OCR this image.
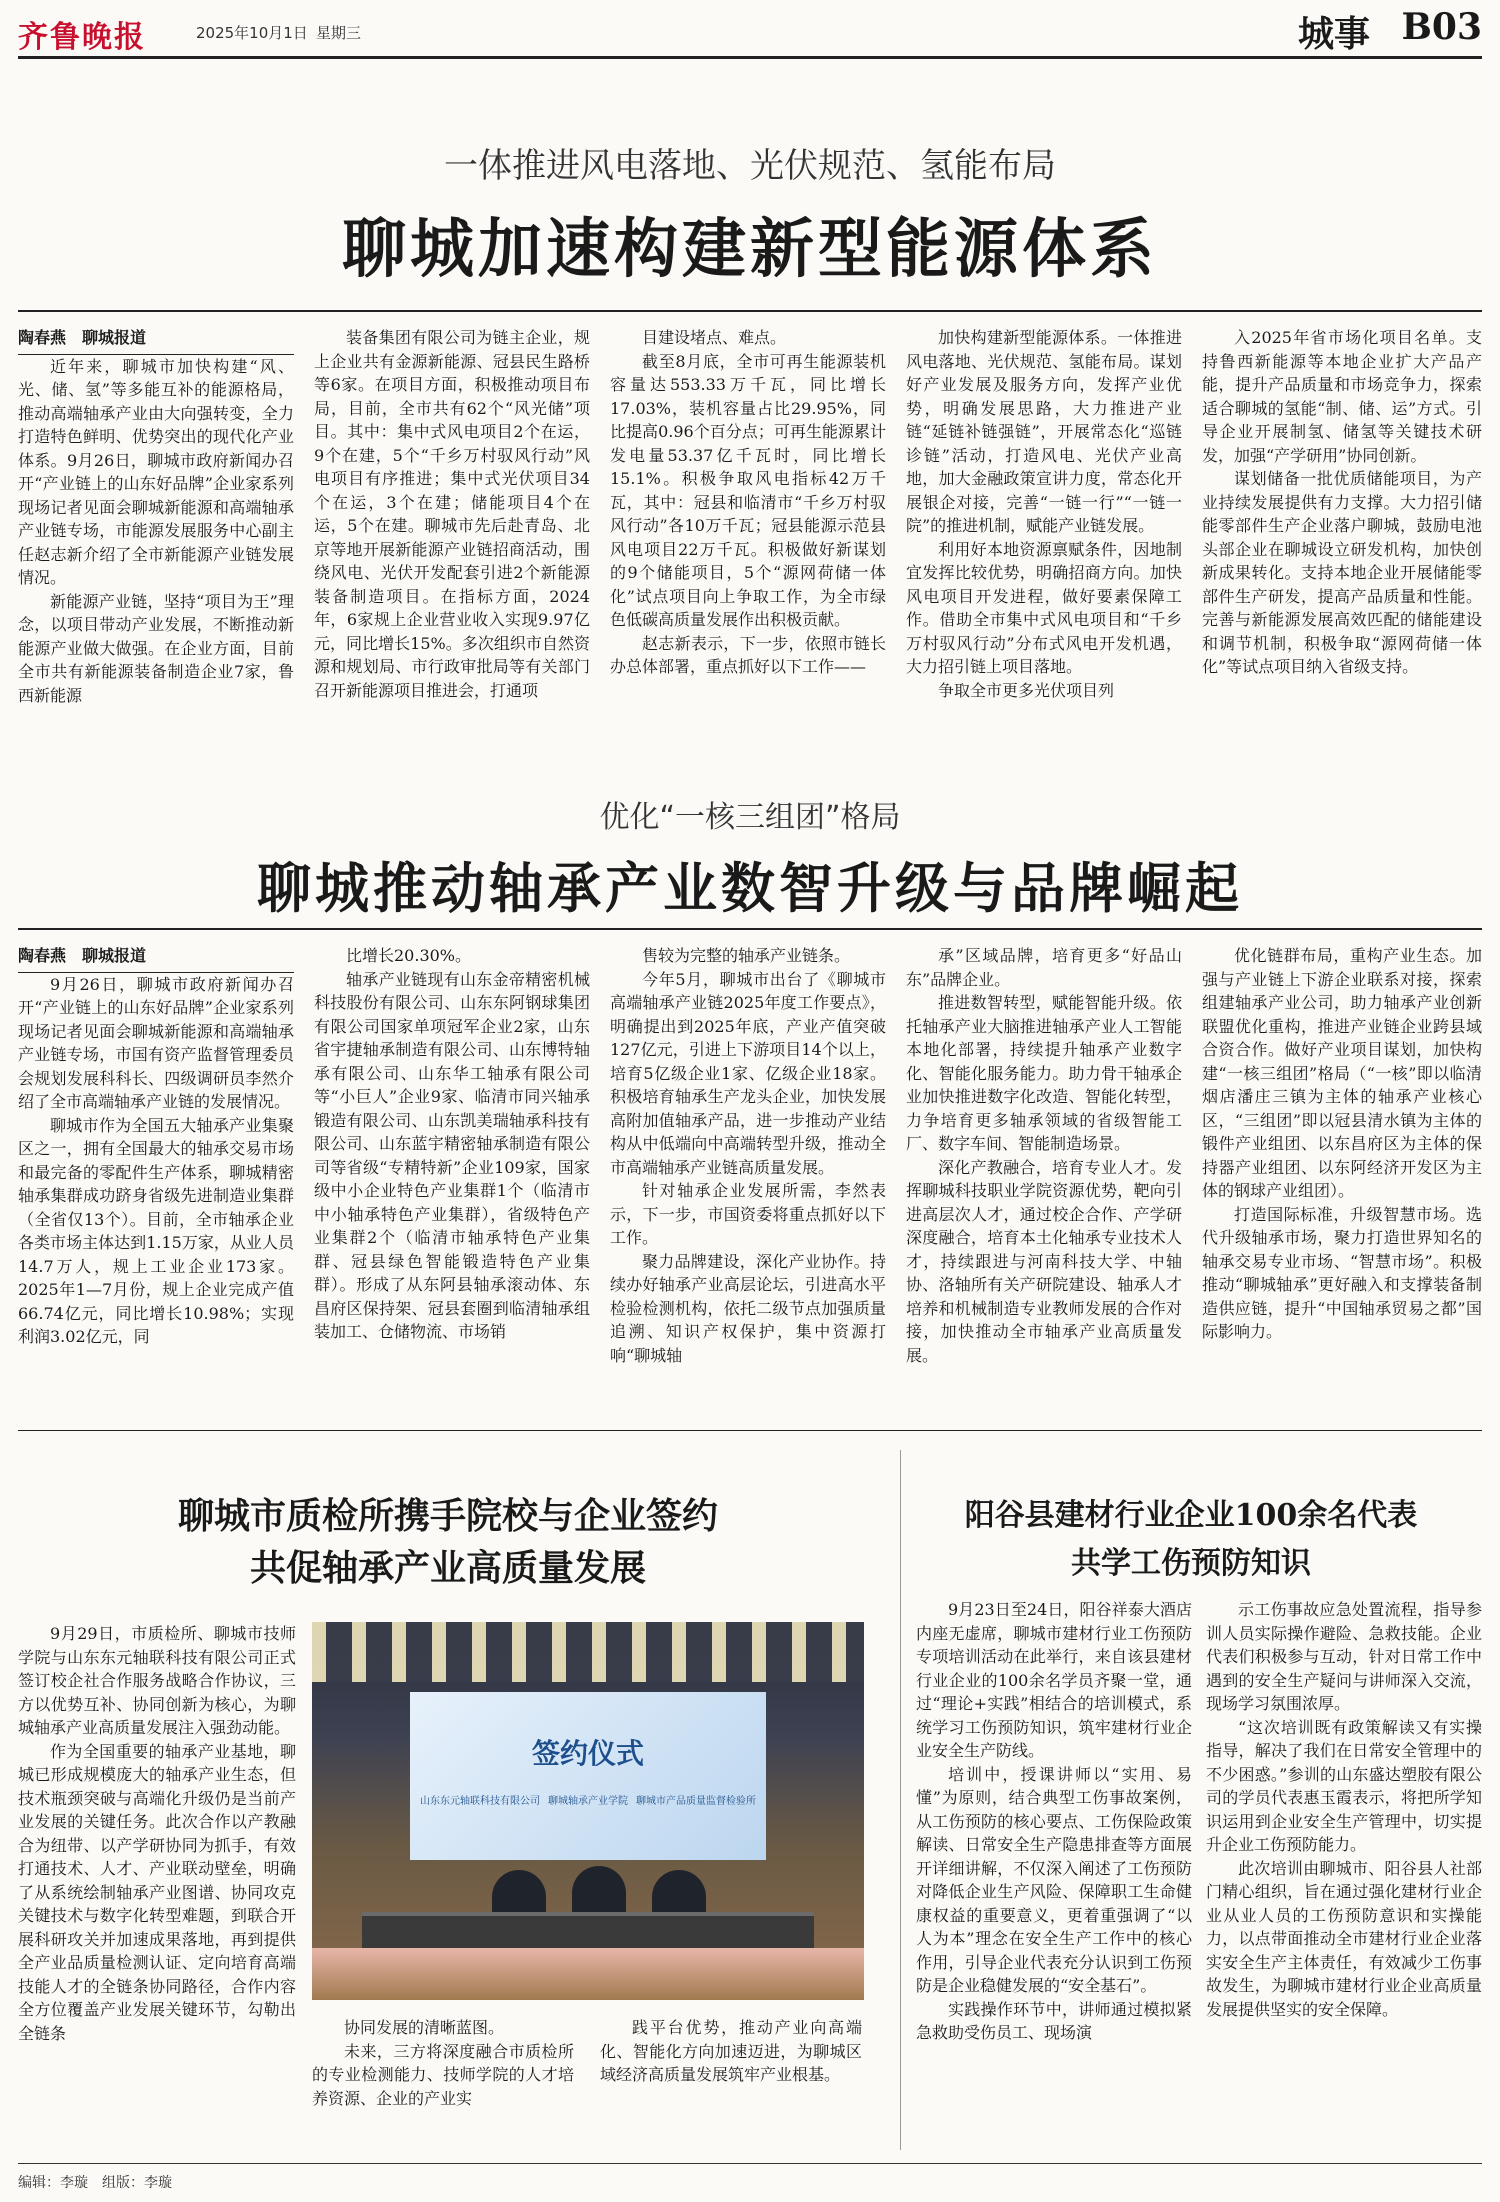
齐鲁晚报	2025年10月1日 星期三	城事 B03
一体推进风电落地、光伏规范、氢能布局
聊城加速构建新型能源体系

陶春燕　聊城报道

近年来，聊城市加快构建“风、光、储、氢”等多能互补的能源格局，推动高端轴承产业由大向强转变，全力打造特色鲜明、优势突出的现代化产业体系。9月26日，聊城市政府新闻办召开“产业链上的山东好品牌”企业家系列现场记者见面会聊城新能源和高端轴承产业链专场，市能源发展服务中心副主任赵志新介绍了全市新能源产业链发展情况。

新能源产业链，坚持“项目为王”理念，以项目带动产业发展，不断推动新能源产业做大做强。在企业方面，目前全市共有新能源装备制造企业7家，鲁西新能源

装备集团有限公司为链主企业，规上企业共有金源新能源、冠县民生路桥等6家。在项目方面，积极推动项目布局，目前，全市共有62个“风光储”项目。其中：集中式风电项目2个在运，9个在建，5个“千乡万村驭风行动”风电项目有序推进；集中式光伏项目34个在运，3个在建；储能项目4个在运，5个在建。聊城市先后赴青岛、北京等地开展新能源产业链招商活动，围绕风电、光伏开发配套引进2个新能源装备制造项目。在指标方面，2024年，6家规上企业营业收入实现9.97亿元，同比增长15%。多次组织市自然资源和规划局、市行政审批局等有关部门召开新能源项目推进会，打通项

目建设堵点、难点。

截至8月底，全市可再生能源装机容量达553.33万千瓦，同比增长17.03%，装机容量占比29.95%，同比提高0.96个百分点；可再生能源累计发电量53.37亿千瓦时，同比增长15.1%。积极争取风电指标42万千瓦，其中：冠县和临清市“千乡万村驭风行动”各10万千瓦；冠县能源示范县风电项目22万千瓦。积极做好新谋划的9个储能项目，5个“源网荷储一体化”试点项目向上争取工作，为全市绿色低碳高质量发展作出积极贡献。

赵志新表示，下一步，依照市链长办总体部署，重点抓好以下工作——

加快构建新型能源体系。一体推进风电落地、光伏规范、氢能布局。谋划好产业发展及服务方向，发挥产业优势，明确发展思路，大力推进产业链“延链补链强链”，开展常态化“巡链诊链”活动，打造风电、光伏产业高地，加大金融政策宣讲力度，常态化开展银企对接，完善“一链一行”“一链一院”的推进机制，赋能产业链发展。

利用好本地资源禀赋条件，因地制宜发挥比较优势，明确招商方向。加快风电项目开发进程，做好要素保障工作。借助全市集中式风电项目和“千乡万村驭风行动”分布式风电开发机遇，大力招引链上项目落地。

争取全市更多光伏项目列

入2025年省市场化项目名单。支持鲁西新能源等本地企业扩大产品产能，提升产品质量和市场竞争力，探索适合聊城的氢能“制、储、运”方式。引导企业开展制氢、储氢等关键技术研发，加强“产学研用”协同创新。

谋划储备一批优质储能项目，为产业持续发展提供有力支撑。大力招引储能零部件生产企业落户聊城，鼓励电池头部企业在聊城设立研发机构，加快创新成果转化。支持本地企业开展储能零部件生产研发，提高产品质量和性能。完善与新能源发展高效匹配的储能建设和调节机制，积极争取“源网荷储一体化”等试点项目纳入省级支持。

优化“一核三组团”格局
聊城推动轴承产业数智升级与品牌崛起

陶春燕　聊城报道

9月26日，聊城市政府新闻办召开“产业链上的山东好品牌”企业家系列现场记者见面会聊城新能源和高端轴承产业链专场，市国有资产监督管理委员会规划发展科科长、四级调研员李然介绍了全市高端轴承产业链的发展情况。

聊城市作为全国五大轴承产业集聚区之一，拥有全国最大的轴承交易市场和最完备的零配件生产体系，聊城精密轴承集群成功跻身省级先进制造业集群（全省仅13个）。目前，全市轴承企业各类市场主体达到1.15万家，从业人员14.7万人，规上工业企业173家。2025年1—7月份，规上企业完成产值66.74亿元，同比增长10.98%；实现利润3.02亿元，同

比增长20.30%。

轴承产业链现有山东金帝精密机械科技股份有限公司、山东东阿钢球集团有限公司国家单项冠军企业2家，山东省宇捷轴承制造有限公司、山东博特轴承有限公司、山东华工轴承有限公司等“小巨人”企业9家、临清市同兴轴承锻造有限公司、山东凯美瑞轴承科技有限公司、山东蓝宇精密轴承制造有限公司等省级“专精特新”企业109家，国家级中小企业特色产业集群1个（临清市中小轴承特色产业集群），省级特色产业集群2个（临清市轴承特色产业集群、冠县绿色智能锻造特色产业集群）。形成了从东阿县轴承滚动体、东昌府区保持架、冠县套圈到临清轴承组装加工、仓储物流、市场销

售较为完整的轴承产业链条。

今年5月，聊城市出台了《聊城市高端轴承产业链2025年度工作要点》，明确提出到2025年底，产业产值突破127亿元，引进上下游项目14个以上，培育5亿级企业1家、亿级企业18家。积极培育轴承生产龙头企业，加快发展高附加值轴承产品，进一步推动产业结构从中低端向中高端转型升级，推动全市高端轴承产业链高质量发展。

针对轴承企业发展所需，李然表示，下一步，市国资委将重点抓好以下工作。

聚力品牌建设，深化产业协作。持续办好轴承产业高层论坛，引进高水平检验检测机构，依托二级节点加强质量追溯、知识产权保护，集中资源打响“聊城轴

承”区域品牌，培育更多“好品山东”品牌企业。

推进数智转型，赋能智能升级。依托轴承产业大脑推进轴承产业人工智能本地化部署，持续提升轴承产业数字化、智能化服务能力。助力骨干轴承企业加快推进数字化改造、智能化转型，力争培育更多轴承领域的省级智能工厂、数字车间、智能制造场景。

深化产教融合，培育专业人才。发挥聊城科技职业学院资源优势，靶向引进高层次人才，通过校企合作、产学研深度融合，培育本土化轴承专业技术人才，持续跟进与河南科技大学、中轴协、洛轴所有关产研院建设、轴承人才培养和机械制造专业教师发展的合作对接，加快推动全市轴承产业高质量发展。

优化链群布局，重构产业生态。加强与产业链上下游企业联系对接，探索组建轴承产业公司，助力轴承产业创新联盟优化重构，推进产业链企业跨县域合资合作。做好产业项目谋划，加快构建“一核三组团”格局（“一核”即以临清烟店潘庄三镇为主体的轴承产业核心区，“三组团”即以冠县清水镇为主体的锻件产业组团、以东昌府区为主体的保持器产业组团、以东阿经济开发区为主体的钢球产业组团）。

打造国际标准，升级智慧市场。选代升级轴承市场，聚力打造世界知名的轴承交易专业市场、“智慧市场”。积极推动“聊城轴承”更好融入和支撑装备制造供应链，提升“中国轴承贸易之都”国际影响力。

聊城市质检所携手院校与企业签约
共促轴承产业高质量发展

9月29日，市质检所、聊城市技师学院与山东东元轴联科技有限公司正式签订校企社合作服务战略合作协议，三方以优势互补、协同创新为核心，为聊城轴承产业高质量发展注入强劲动能。

作为全国重要的轴承产业基地，聊城已形成规模庞大的轴承产业生态，但技术瓶颈突破与高端化升级仍是当前产业发展的关键任务。此次合作以产教融合为纽带、以产学研协同为抓手，有效打通技术、人才、产业联动壁垒，明确了从系统绘制轴承产业图谱、协同攻克关键技术与数字化转型难题，到联合开展科研攻关并加速成果落地，再到提供全产业品质量检测认证、定向培育高端技能人才的全链条协同路径，合作内容全方位覆盖产业发展关键环节，勾勒出全链条

签约仪式
山东东元轴联科技有限公司 聊城轴承产业学院 聊城市产品质量监督检验所

协同发展的清晰蓝图。

未来，三方将深度融合市质检所的专业检测能力、技师学院的人才培养资源、企业的产业实

践平台优势，推动产业向高端化、智能化方向加速迈进，为聊城区域经济高质量发展筑牢产业根基。

阳谷县建材行业企业100余名代表
共学工伤预防知识

9月23日至24日，阳谷祥泰大酒店内座无虚席，聊城市建材行业工伤预防专项培训活动在此举行，来自该县建材行业企业的100余名学员齐聚一堂，通过“理论+实践”相结合的培训模式，系统学习工伤预防知识，筑牢建材行业企业安全生产防线。

培训中，授课讲师以“实用、易懂”为原则，结合典型工伤事故案例，从工伤预防的核心要点、工伤保险政策解读、日常安全生产隐患排查等方面展开详细讲解，不仅深入阐述了工伤预防对降低企业生产风险、保障职工生命健康权益的重要意义，更着重强调了“以人为本”理念在安全生产工作中的核心作用，引导企业代表充分认识到工伤预防是企业稳健发展的“安全基石”。

实践操作环节中，讲师通过模拟紧急救助受伤员工、现场演

示工伤事故应急处置流程，指导参训人员实际操作避险、急救技能。企业代表们积极参与互动，针对日常工作中遇到的安全生产疑问与讲师深入交流，现场学习氛围浓厚。

“这次培训既有政策解读又有实操指导，解决了我们在日常安全管理中的不少困惑。”参训的山东盛达塑胶有限公司的学员代表惠玉霞表示，将把所学知识运用到企业安全生产管理中，切实提升企业工伤预防能力。

此次培训由聊城市、阳谷县人社部门精心组织，旨在通过强化建材行业企业从业人员的工伤预防意识和实操能力，以点带面推动全市建材行业企业落实安全生产主体责任，有效减少工伤事故发生，为聊城市建材行业企业高质量发展提供坚实的安全保障。

编辑：李璇　组版：李璇
